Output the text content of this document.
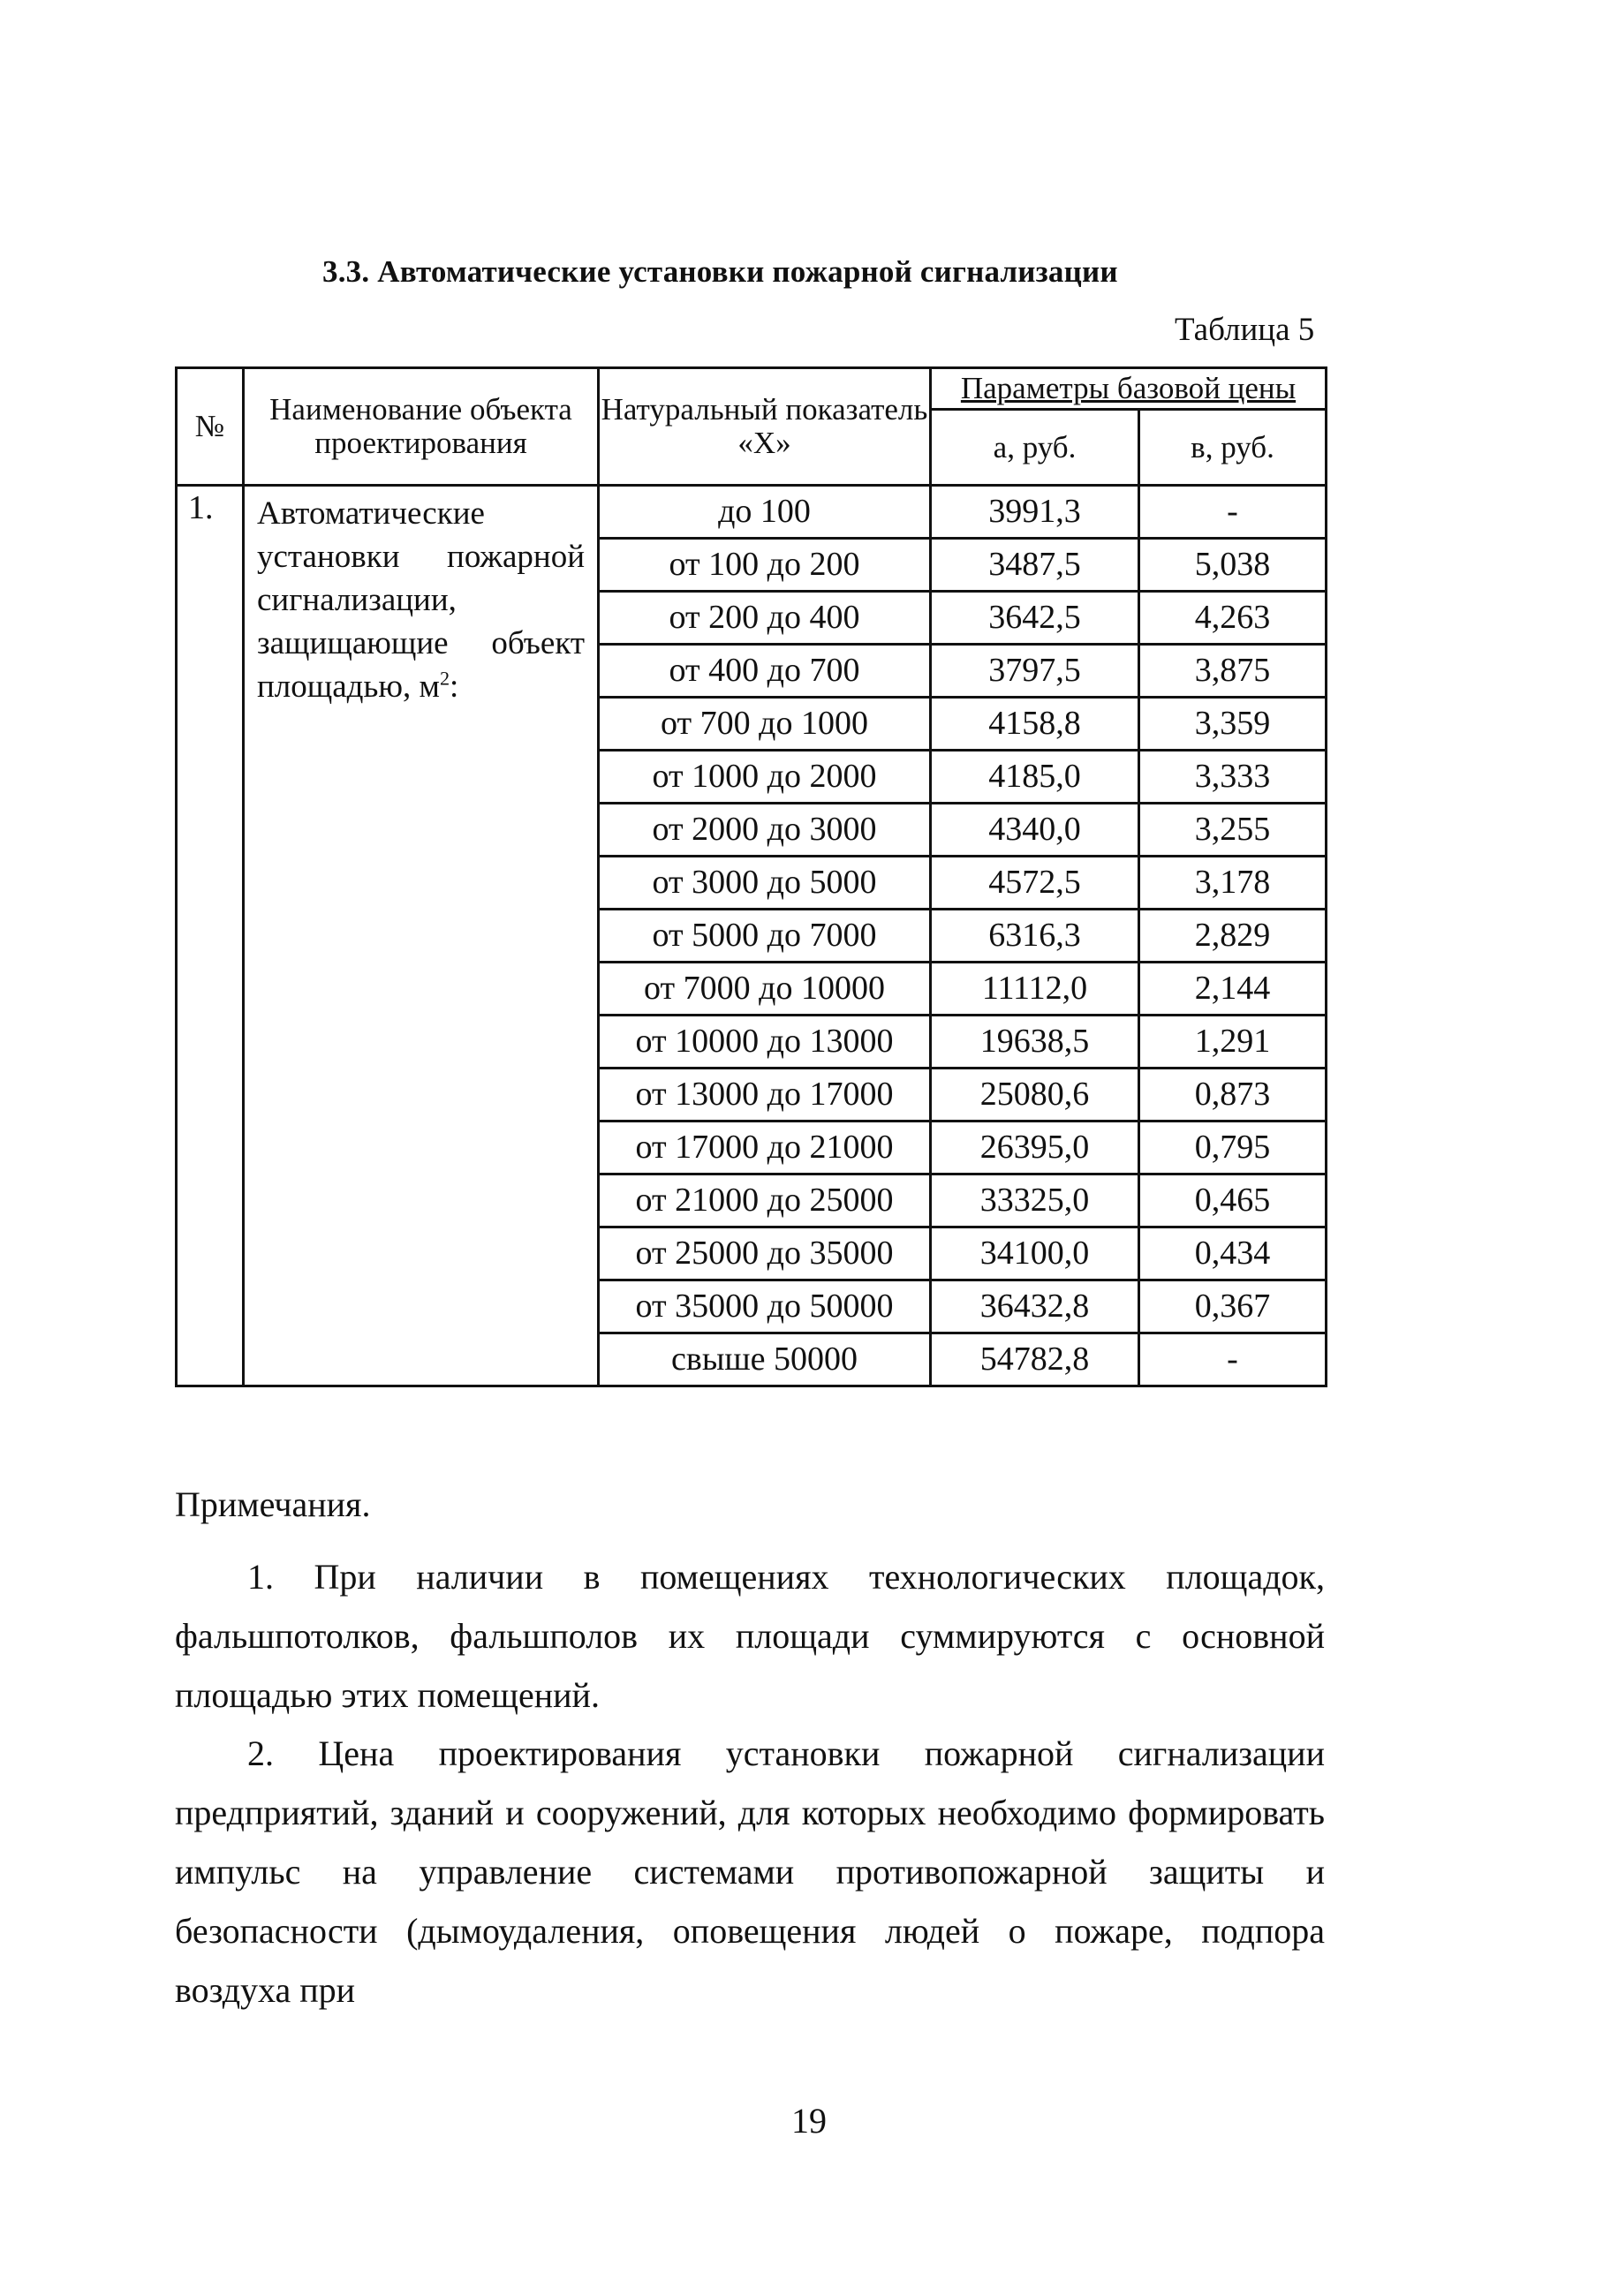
3.3. Автоматические установки пожарной сигнализации
Таблица 5
№	Наименование объекта проектирования	Натуральный показатель «Х»	Параметры базовой цены	
			а, руб.	в, руб.
1.	Автоматические установки пожарной сигнализации, защищающие объект площадью, $м^2$:	до 100	3991,3	-
		от 100 до 200	3487,5	5,038
		от 200 до 400	3642,5	4,263
		от 400 до 700	3797,5	3,875
		от 700 до 1000	4158,8	3,359
		от 1000 до 2000	4185,0	3,333
		от 2000 до 3000	4340,0	3,255
		от 3000 до 5000	4572,5	3,178
		от 5000 до 7000	6316,3	2,829
		от 7000 до 10000	11112,0	2,144
		от 10000 до 13000	19638,5	1,291
		от 13000 до 17000	25080,6	0,873
		от 17000 до 21000	26395,0	0,795
		от 21000 до 25000	33325,0	0,465
		от 25000 до 35000	34100,0	0,434
		от 35000 до 50000	36432,8	0,367
		свыше 50000	54782,8	-
Примечания.

1. При наличии в помещениях технологических площадок, фальшпотолков, фальшполов их площади суммируются с основной площадью этих помещений.

2. Цена проектирования установки пожарной сигнализации предприятий, зданий и сооружений, для которых необходимо формировать импульс на управление системами противопожарной защиты и безопасности (дымоудаления, оповещения людей о пожаре, подпора воздуха при

19
